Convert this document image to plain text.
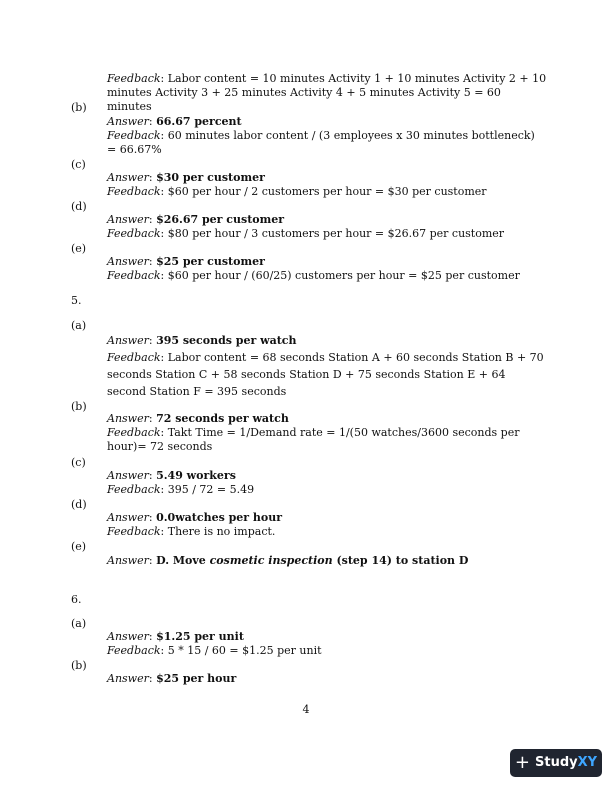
Feedback: Labor content = 10 minutes Activity 1 + 10 minutes Activity 2 + 10 minutes Activity 3 + 25 minutes Activity 4 + 5 minutes Activity 5 = 60 minutes
(b)
Answer: 66.67 percent
Feedback: 60 minutes labor content / (3 employees x 30 minutes bottleneck) = 66.67%
(c)
Answer: $30 per customer
Feedback: $60 per hour / 2 customers per hour = $30 per customer
(d)
Answer: $26.67 per customer
Feedback: $80 per hour / 3 customers per hour = $26.67 per customer
(e)
Answer: $25 per customer
Feedback: $60 per hour / (60/25) customers per hour = $25 per customer
5.
(a)
Answer: 395 seconds per watch
Feedback: Labor content = 68 seconds Station A + 60 seconds Station B + 70 seconds Station C + 58 seconds Station D + 75 seconds Station E + 64 second Station F = 395 seconds
(b)
Answer: 72 seconds per watch
Feedback: Takt Time = 1/Demand rate = 1/(50 watches/3600 seconds per hour)= 72 seconds
(c)
Answer: 5.49 workers
Feedback: 395 / 72 = 5.49
(d)
Answer: 0.0watches per hour
Feedback: There is no impact.
(e)
Answer: D. Move cosmetic inspection (step 14) to station D
6.
(a)
Answer: $1.25 per unit
Feedback: 5 * 15 / 60 = $1.25 per unit
(b)
Answer: $25 per hour
4
+ Study XY
